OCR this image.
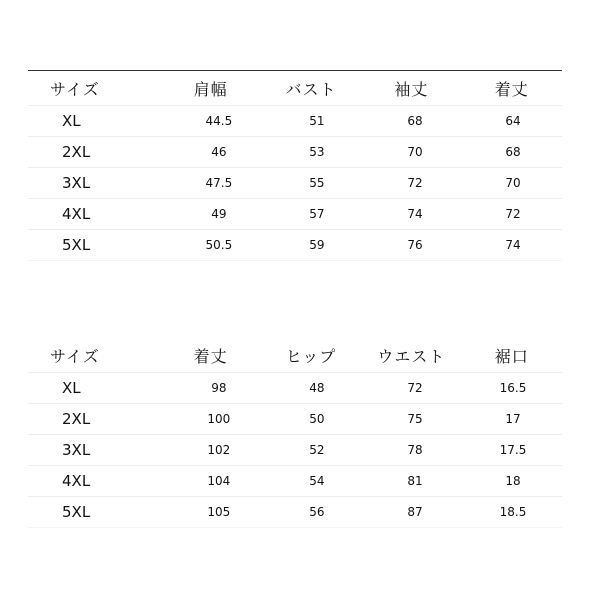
サイズ	肩幅	バスト	袖丈	着丈
XL	44.5	51	68	64
2XL	46	53	70	68
3XL	47.5	55	72	70
4XL	49	57	74	72
5XL	50.5	59	76	74
サイズ	着丈	ヒップ	ウエスト	裾口
XL	98	48	72	16.5
2XL	100	50	75	17
3XL	102	52	78	17.5
4XL	104	54	81	18
5XL	105	56	87	18.5
